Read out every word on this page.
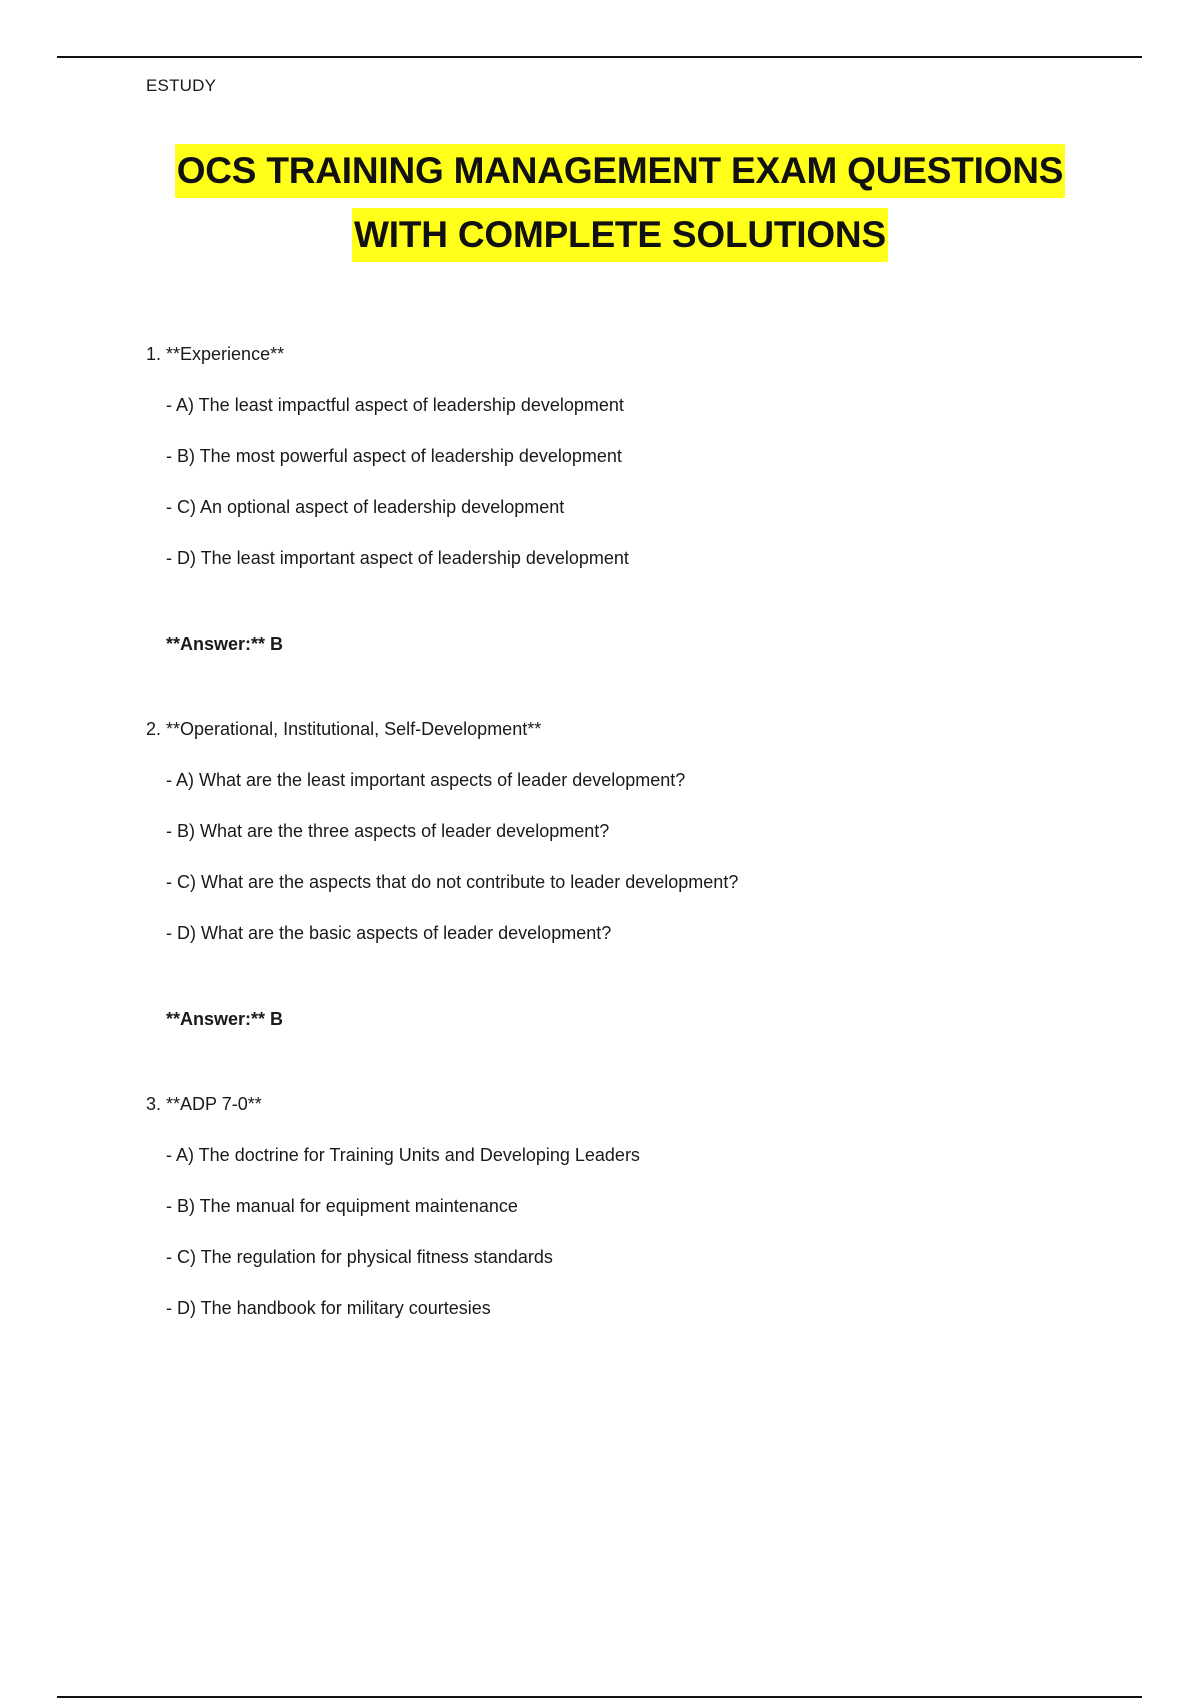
ESTUDY
OCS TRAINING MANAGEMENT EXAM QUESTIONS
WITH COMPLETE SOLUTIONS
1. **Experience**
- A) The least impactful aspect of leadership development
- B) The most powerful aspect of leadership development
- C) An optional aspect of leadership development
- D) The least important aspect of leadership development
**Answer:** B
2. **Operational, Institutional, Self-Development**
- A) What are the least important aspects of leader development?
- B) What are the three aspects of leader development?
- C) What are the aspects that do not contribute to leader development?
- D) What are the basic aspects of leader development?
**Answer:** B
3. **ADP 7-0**
- A) The doctrine for Training Units and Developing Leaders
- B) The manual for equipment maintenance
- C) The regulation for physical fitness standards
- D) The handbook for military courtesies
